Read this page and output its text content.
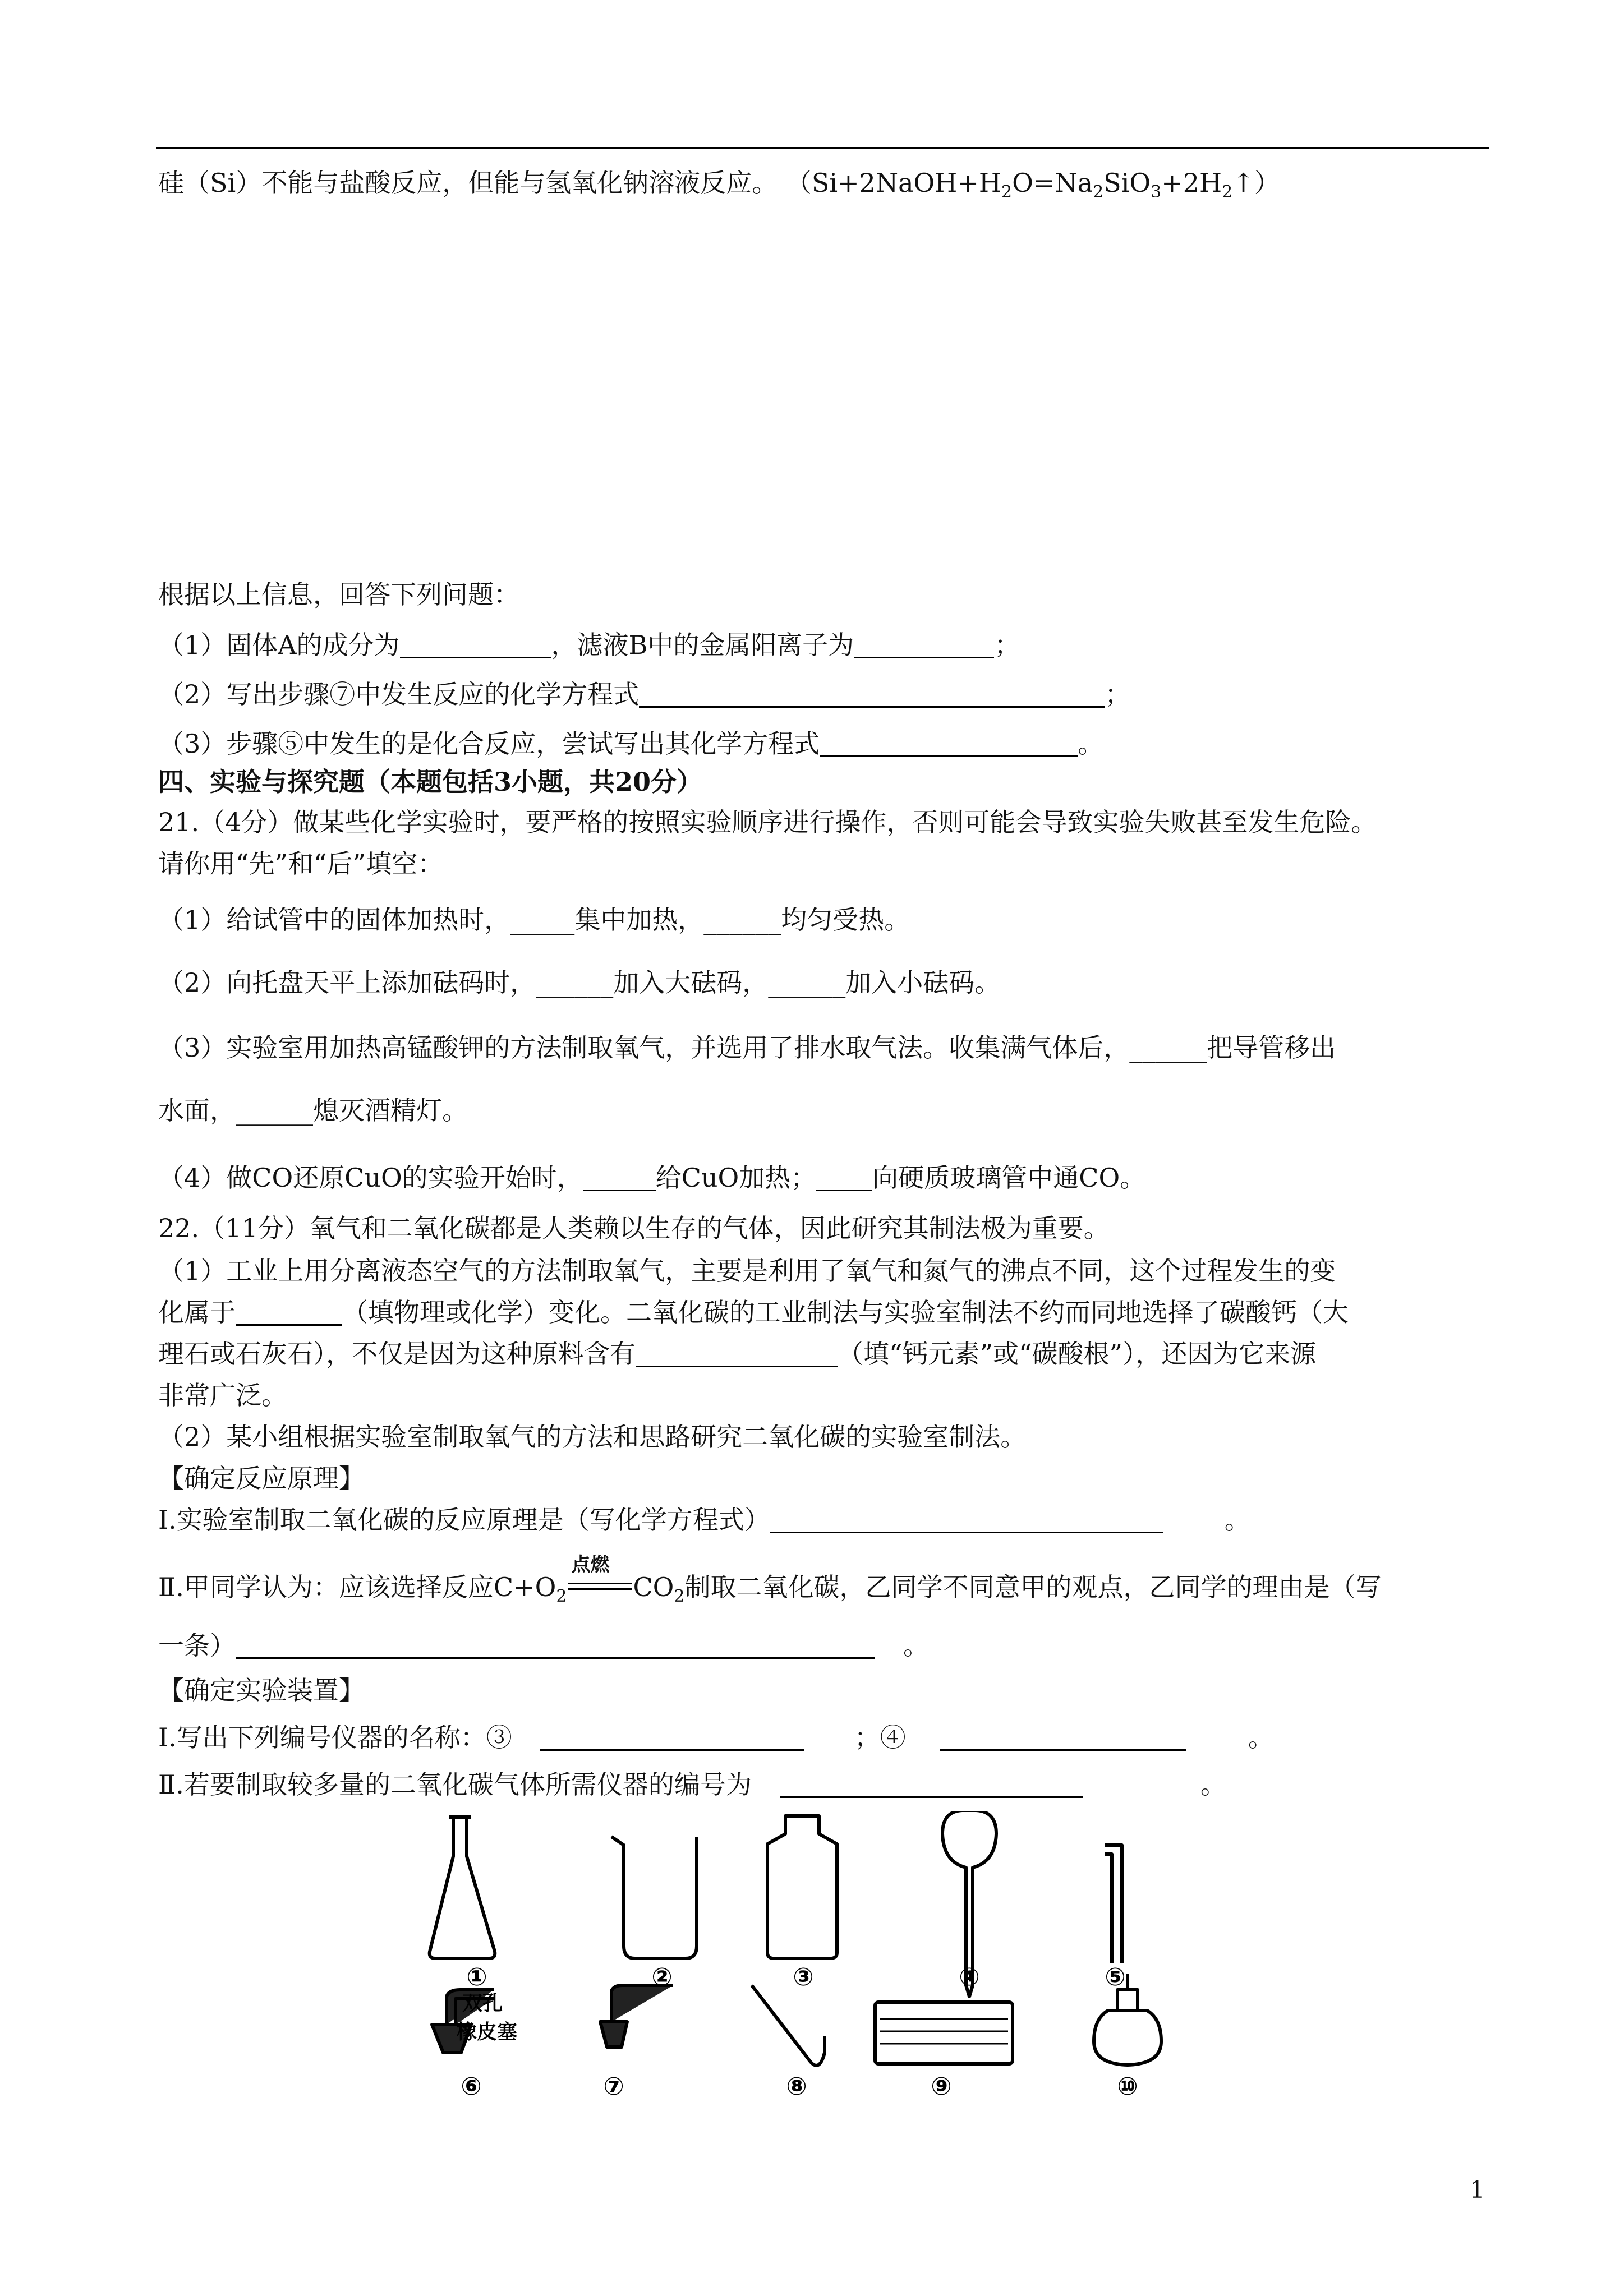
硅（Si）不能与盐酸反应，但能与氢氧化钠溶液反应。 $(Si+2NaOH+H_2O=Na_2SiO_3+2H_2↑)$
根据以上信息，回答下列问题：
（1）固体A的成分为	，滤液B中的金属阳离子为	；
（2）写出步骤⑦中发生反应的化学方程式	；
（3）步骤⑤中发生的是化合反应，尝试写出其化学方程式	。
四、实验与探究题（本题包括3小题，共20分）
21.（4分）做某些化学实验时，要严格的按照实验顺序进行操作，否则可能会导致实验失败甚至发生危险。
请你用“先”和“后”填空：
（1）给试管中的固体加热时，_____集中加热，______均匀受热。
（2）向托盘天平上添加砝码时，______加入大砝码，______加入小砝码。
（3）实验室用加热高锰酸钾的方法制取氧气，并选用了排水取气法。收集满气体后，______把导管移出
水面，______熄灭酒精灯。
（4）做CO还原CuO的实验开始时，	给CuO加热； 向硬质玻璃管中通CO。
22.（11分）氧气和二氧化碳都是人类赖以生存的气体，因此研究其制法极为重要。
（1）工业上用分离液态空气的方法制取氧气，主要是利用了氧气和氮气的沸点不同，这个过程发生的变
化属于	（填物理或化学）变化。二氧化碳的工业制法与实验室制法不约而同地选择了碳酸钙（大
理石或石灰石），不仅是因为这种原料含有	（填“钙元素”或“碳酸根”），还因为它来源
非常广泛。
（2）某小组根据实验室制取氧气的方法和思路研究二氧化碳的实验室制法。
【确定反应原理】
Ⅰ.实验室制取二氧化碳的反应原理是（写化学方程式）	。
Ⅱ.甲同学认为：应该选择反应$C+O_2$
点燃
$CO_2$制取二氧化碳，乙同学不同意甲的观点，乙同学的理由是（写
一条）	。
【确定实验装置】
Ⅰ.写出下列编号仪器的名称：③	；④	。
Ⅱ.若要制取较多量的二氧化碳气体所需仪器的编号为	。
双孔
橡皮塞
①	②	③	④	⑤
⑥	⑦	⑧	⑨	⑩
1
